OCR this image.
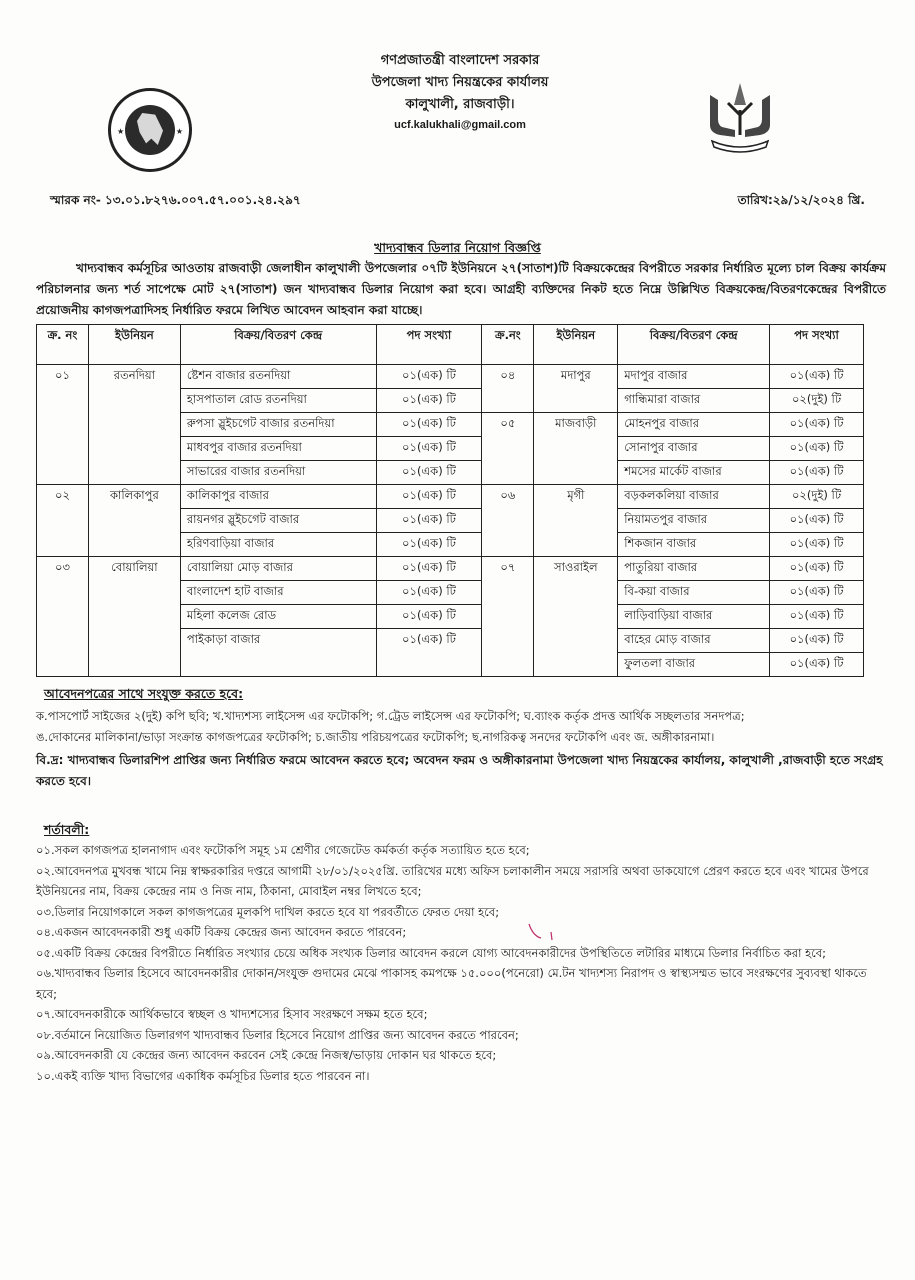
★	★
গণপ্রজাতন্ত্রী বাংলাদেশ সরকার
উপজেলা খাদ্য নিয়ন্ত্রকের কার্যালয়
কালুখালী, রাজবাড়ী।
ucf.kalukhali@gmail.com
স্মারক নং- ১৩.০১.৮২৭৬.০০৭.৫৭.০০১.২৪.২৯৭	তারিখ:২৯/১২/২০২৪ খ্রি.
খাদ্যবান্ধব ডিলার নিয়োগ বিজ্ঞপ্তি

খাদ্যবান্ধব কর্মসূচির আওতায় রাজবাড়ী জেলাধীন কালুখালী উপজেলার ০৭টি ইউনিয়নে ২৭(সাতাশ)টি বিক্রয়কেন্দ্রের বিপরীতে সরকার নির্ধারিত মূল্যে চাল বিক্রয় কার্যক্রম পরিচালনার জন্য শর্ত সাপেক্ষে মোট ২৭(সাতাশ) জন খাদ্যবান্ধব ডিলার নিয়োগ করা হবে। আগ্রহী ব্যক্তিদের নিকট হতে নিম্নে উল্লিখিত বিক্রয়কেন্দ্র/বিতরণকেন্দ্রের বিপরীতে প্রয়োজনীয় কাগজপত্রাদিসহ নির্ধারিত ফরমে লিখিত আবেদন আহবান করা যাচ্ছে।

ক্র. নং	ইউনিয়ন	বিক্রয়/বিতরণ কেন্দ্র	পদ সংখ্যা	ক্র.নং	ইউনিয়ন	বিক্রয়/বিতরণ কেন্দ্র	পদ সংখ্যা
০১	রতনদিয়া	ষ্টেশন বাজার রতনদিয়া	০১(এক) টি	০৪	মদাপুর	মদাপুর বাজার	০১(এক) টি
		হাসপাতাল রোড রতনদিয়া	০১(এক) টি			গান্ধিমারা বাজার	০২(দুই) টি
		রুপসা স্লুইচগেট বাজার রতনদিয়া	০১(এক) টি	০৫	মাজবাড়ী	মোহনপুর বাজার	০১(এক) টি
		মাধবপুর বাজার রতনদিয়া	০১(এক) টি			সোনাপুর বাজার	০১(এক) টি
		সাভারের বাজার রতনদিয়া	০১(এক) টি			শমসের মার্কেট বাজার	০১(এক) টি
০২	কালিকাপুর	কালিকাপুর বাজার	০১(এক) টি	০৬	মৃগী	বড়কলকলিয়া বাজার	০২(দুই) টি
		রায়নগর স্লুইচগেট বাজার	০১(এক) টি			নিয়ামতপুর বাজার	০১(এক) টি
		হরিণবাড়িয়া বাজার	০১(এক) টি			শিকজান বাজার	০১(এক) টি
০৩	বোয়ালিয়া	বোয়ালিয়া মোড় বাজার	০১(এক) টি	০৭	সাওরাইল	পাতুরিয়া বাজার	০১(এক) টি
		বাংলাদেশ হাট বাজার	০১(এক) টি			বি-কয়া বাজার	০১(এক) টি
		মহিলা কলেজ রোড	০১(এক) টি			লাড়িবাড়িয়া বাজার	০১(এক) টি
		পাইকাড়া বাজার	০১(এক) টি			বাহের মোড় বাজার	০১(এক) টি
						ফুলতলা বাজার	০১(এক) টি
আবেদনপত্রের সাথে সংযুক্ত করতে হবে:
ক.পাসপোর্ট সাইজের ২(দুই) কপি ছবি; খ.খাদ্যশস্য লাইসেন্স এর ফটোকপি; গ.ট্রেড লাইসেন্স এর ফটোকপি; ঘ.ব্যাংক কর্তৃক প্রদত্ত আর্থিক সচ্ছলতার সনদপত্র;
ঙ.দোকানের মালিকানা/ভাড়া সংক্রান্ত কাগজপত্রের ফটোকপি; চ.জাতীয় পরিচয়পত্রের ফটোকপি; ছ.নাগরিকত্ব সনদের ফটোকপি এবং জ. অঙ্গীকারনামা।

বি.দ্র: খাদ্যবান্ধব ডিলারশিপ প্রাপ্তির জন্য নির্ধারিত ফরমে আবেদন করতে হবে; অবেদন ফরম ও অঙ্গীকারনামা উপজেলা খাদ্য নিয়ন্ত্রকের কার্যালয়, কালুখালী ,রাজবাড়ী হতে সংগ্রহ করতে হবে।

শর্তাবলী:
০১.সকল কাগজপত্র হালনাগাদ এবং ফটোকপি সমূহ ১ম শ্রেণীর গেজেটেড কর্মকর্তা কর্তৃক সত্যায়িত হতে হবে;
০২.আবেদনপত্র মুখবন্ধ খামে নিম্ন স্বাক্ষরকারির দপ্তরে আগামী ২৮/০১/২০২৫খ্রি. তারিখের মধ্যে অফিস চলাকালীন সময়ে সরাসরি অথবা ডাকযোগে প্রেরণ করতে হবে এবং খামের উপরে ইউনিয়নের নাম, বিক্রয় কেন্দ্রের নাম ও নিজ নাম, ঠিকানা, মোবাইল নম্বর লিখতে হবে;
০৩.ডিলার নিয়োগকালে সকল কাগজপত্রের মূলকপি দাখিল করতে হবে যা পরবর্তীতে ফেরত দেয়া হবে;
০৪.একজন আবেদনকারী শুধু একটি বিক্রয় কেন্দ্রের জন্য আবেদন করতে পারবেন;
০৫.একটি বিক্রয় কেন্দ্রের বিপরীতে নির্ধারিত সংখ্যার চেয়ে অধিক সংখ্যক ডিলার আবেদন করলে যোগ্য আবেদনকারীদের উপস্থিতিতে লটারির মাধ্যমে ডিলার নির্বাচিত করা হবে;
০৬.খাদ্যবান্ধব ডিলার হিসেবে আবেদনকারীর দোকান/সংযুক্ত গুদামের মেঝে পাকাসহ কমপক্ষে ১৫.০০০(পনেরো) মে.টন খাদ্যশস্য নিরাপদ ও স্বাস্থ্যসম্মত ভাবে সংরক্ষণের সুব্যবস্থা থাকতে হবে;
০৭.আবেদনকারীকে আর্থিকভাবে স্বচ্ছল ও খাদ্যশস্যের হিসাব সংরক্ষণে সক্ষম হতে হবে;
০৮.বর্তমানে নিয়োজিত ডিলারগণ খাদ্যবান্ধব ডিলার হিসেবে নিয়োগ প্রাপ্তির জন্য আবেদন করতে পারবেন;
০৯.আবেদনকারী যে কেন্দ্রের জন্য আবেদন করবেন সেই কেন্দ্রে নিজস্ব/ভাড়ায় দোকান ঘর থাকতে হবে;
১০.একই ব্যক্তি খাদ্য বিভাগের একাধিক কর্মসূচির ডিলার হতে পারবেন না।
